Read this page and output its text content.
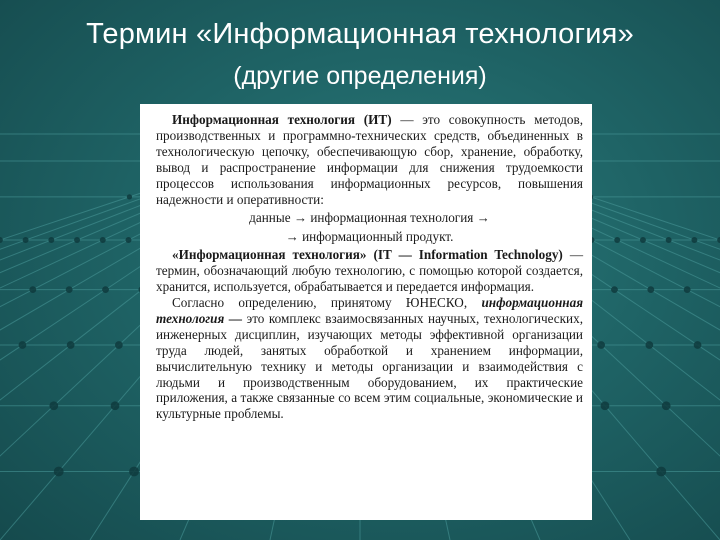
Термин «Информационная технология»
(другие определения)

Информационная технология (ИТ) — это совокупность методов, производственных и программно-технических средств, объединенных в технологическую цепочку, обеспечивающую сбор, хранение, обработку, вывод и распространение информации для снижения трудоемкости процессов использования информационных ресурсов, повышения надежности и оперативности:

данные → информационная технология →

→ информационный продукт.

«Информационная технология» (IT — Information Technology) — термин, обозначающий любую технологию, с помощью которой создается, хранится, используется, обрабатывается и передается информация.

Согласно определению, принятому ЮНЕСКО, информационная технология — это комплекс взаимосвязанных научных, технологических, инженерных дисциплин, изучающих методы эффективной организации труда людей, занятых обработкой и хранением информации, вычислительную технику и методы организации и взаимодействия с людьми и производственным оборудованием, их практические приложения, а также связанные со всем этим социальные, экономические и культурные проблемы.
